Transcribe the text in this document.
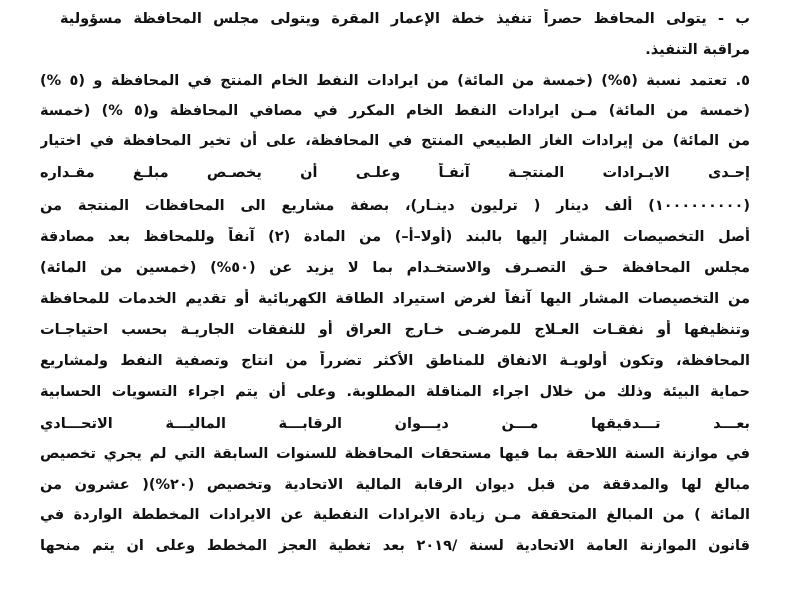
ب - يتولى المحافظ حصراً تنفيذ خطة الإعمار المقرة ويتولى مجلس المحافظة مسؤولية
مراقبة التنفيذ.
٥. تعتمد نسبة (٥%) (خمسة من المائة) من ايرادات النفط الخام المنتج في المحافظة و (٥ %)
(خمسة من المائة) مـن ايرادات النفط الخام المكرر في مصافي المحافظة و(٥ %) (خمسة
من المائة) من إيرادات الغاز الطبيعي المنتج في المحافظة، على أن تخير المحافظة في اختيار
إحـدى الايـرادات المنتجـة آنفـاً وعلـى أن يخصـص مبلـغ مقـداره
(١٠٠٠٠٠٠٠٠٠) ألف دينار ( ترليون دينـار)، بصفة مشاريع الى المحافظات المنتجة من
أصل التخصيصات المشار إليها بالبند (أولا–أ–) من المادة (٢) آنفاً وللمحافظ بعد مصادقة
مجلس المحافظة حـق التصـرف والاستخـدام بما لا يزيد عن (٥٠%) (خمسين من المائة)
من التخصيصات المشار اليها آنفاً لغرض استيراد الطاقة الكهربائية أو تقديم الخدمات للمحافظة
وتنظيفها أو نفقـات العـلاج للمرضـى خـارج العراق أو للنفقات الجاريـة بحسب احتياجـات
المحافظة، وتكون أولويـة الانفاق للمناطق الأكثر تضرراً من انتاج وتصفية النفط ولمشاريع
حماية البيئة وذلك من خلال اجراء المناقلة المطلوبة. وعلى أن يتم اجراء التسويات الحسابية
بعـــد تـــدقيقها مـــن ديـــوان الرقابـــة الماليـــة الاتحـــادي
في موازنة السنة اللاحقة بما فيها مستحقات المحافظة للسنوات السابقة التي لم يجري تخصيص
مبالغ لها والمدققة من قبل ديوان الرقابة المالية الاتحادية وتخصيص (٢٠%)( عشرون من
المائة ) من المبالغ المتحققة مـن زيادة الايرادات النفطية عن الايرادات المخططة الواردة في
قانون الموازنة العامة الاتحادية لسنة /٢٠١٩ بعد تغطية العجز المخطط وعلى ان يتم منحها
